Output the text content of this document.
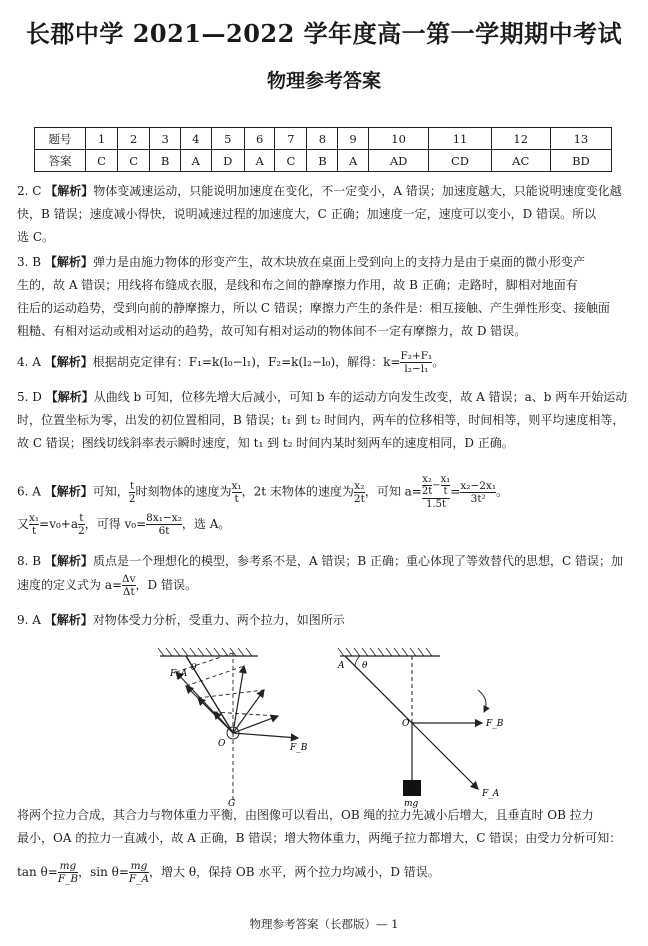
长郡中学 2021—2022 学年度高一第一学期期中考试
物理参考答案
题号	1	2	3	4	5	6	7	8	9	10	11	12	13
答案	C	C	B	A	D	A	C	B	A	AD	CD	AC	BD
2. C 【解析】物体变减速运动，只能说明加速度在变化，不一定变小，A 错误；加速度越大，只能说明速度变化越
快，B 错误；速度减小得快，说明减速过程的加速度大，C 正确；加速度一定，速度可以变小，D 错误。所以
选 C。
3. B 【解析】弹力是由施力物体的形变产生，故木块放在桌面上受到向上的支持力是由于桌面的微小形变产
生的，故 A 错误；用线将布缝成衣服，是线和布之间的静摩擦力作用，故 B 正确；走路时，脚相对地面有
往后的运动趋势，受到向前的静摩擦力，所以 C 错误；摩擦力产生的条件是：相互接触、产生弹性形变、接触面
粗糙、有相对运动或相对运动的趋势，故可知有相对运动的物体间不一定有摩擦力，故 D 错误。
4. A 【解析】根据胡克定律有：F₁=k(l₀−l₁)，F₂=k(l₂−l₀)，解得：$k= \frac{\text{F₂+F₁}}{\text{l₂−l₁}}$ 。
5. D 【解析】从曲线 b 可知，位移先增大后减小，可知 b 车的运动方向发生改变，故 A 错误；a、b 两车开始运动
时，位置坐标为零，出发的初位置相同，B 错误；t₁ 到 t₂ 时间内，两车的位移相等，时间相等，则平均速度相等，
故 C 错误；图线切线斜率表示瞬时速度，知 t₁ 到 t₂ 时间内某时刻两车的速度相同，D 正确。
6. A 【解析】可知， $\frac{t}{2}$ 时刻物体的速度为 $\frac{\text{x₁}}{t}$ ，2t 末物体的速度为 $\frac{\text{x₂}}{2t}$ ，可知 $a= \frac{\frac{\text{x₂}}{2t} - \frac{\text{x₁}}{t}}{1.5t} = \frac{\text{x₂−2x₁}}{\text{3t²}}$ 。
又 $\frac{\text{x₁}}{t} =v_0+a \frac{t}{2}$ ，可得 $v_0= \frac{\text{8x₁−x₂}}{6t}$ ，选 A。
8. B 【解析】质点是一个理想化的模型，参考系不是，A 错误；B 正确；重心体现了等效替代的思想，C 错误；加
速度的定义式为 $a= \frac{\Delta v}{\Delta t}$ ，D 错误。
9. A 【解析】对物体受力分析，受重力、两个拉力，如图所示
F_A
θ
O	F_B
G
A θ
O	F_B
F_A
mg
将两个拉力合成，其合力与物体重力平衡，由图像可以看出，OB 绳的拉力先减小后增大，且垂直时 OB 拉力
最小，OA 的拉力一直减小，故 A 正确，B 错误；增大物体重力，两绳子拉力都增大，C 错误；由受力分析可知：
$\tan \theta= \frac{mg}{F\_B}$ ，$\sin \theta= \frac{mg}{F\_A}$ ，增大 θ，保持 OB 水平，两个拉力均减小，D 错误。
物理参考答案（长郡版）— 1
